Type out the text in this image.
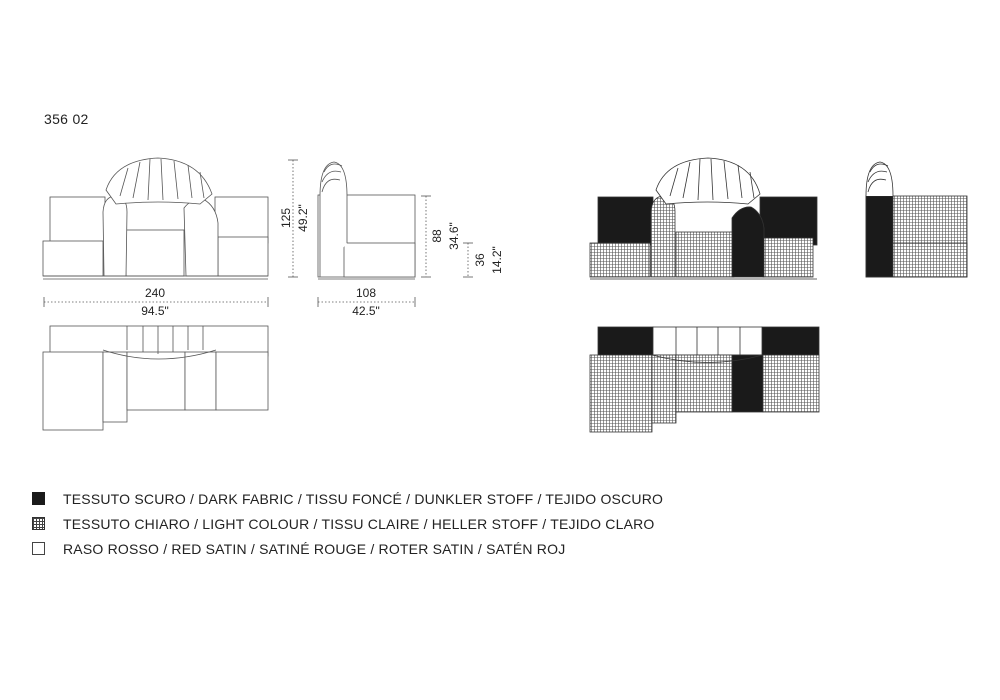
356 02
240
94.5"
125 49.2"
108
42.5"
88 34.6"
36 14.2"
TESSUTO SCURO / DARK FABRIC / TISSU FONCÉ / DUNKLER STOFF / TEJIDO OSCURO
TESSUTO CHIARO / LIGHT COLOUR / TISSU CLAIRE / HELLER STOFF / TEJIDO CLARO
RASO ROSSO / RED SATIN / SATINÉ ROUGE / ROTER SATIN / SATÉN ROJ
